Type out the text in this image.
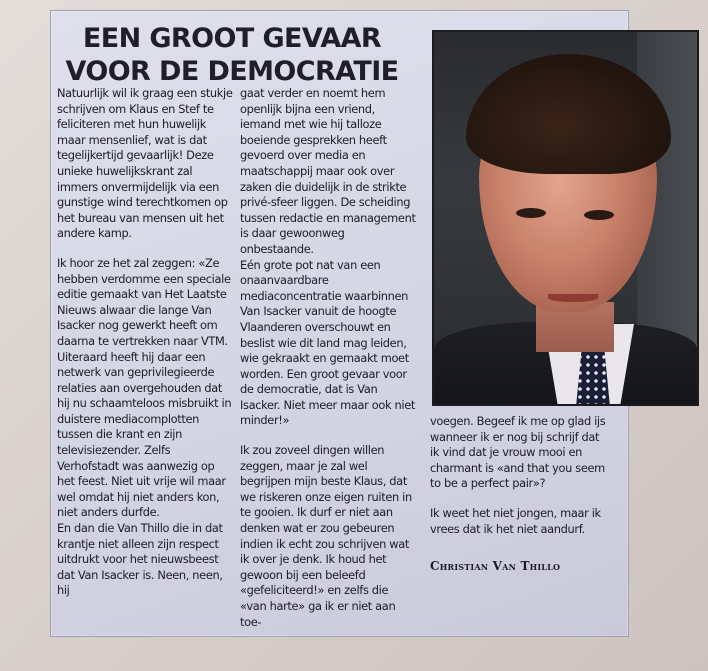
EEN GROOT GEVAAR
VOOR DE DEMOCRATIE

Natuurlijk wil ik graag een stukje schrijven om Klaus en Stef te feliciteren met hun huwelijk maar mensenlief, wat is dat tegelijkertijd gevaarlijk! Deze unieke huwelijkskrant zal immers onvermijdelijk via een gunstige wind terechtkomen op het bureau van mensen uit het andere kamp.

Ik hoor ze het zal zeggen: «Ze hebben verdomme een speciale editie gemaakt van Het Laatste Nieuws alwaar die lange Van Isacker nog gewerkt heeft om daarna te vertrekken naar VTM. Uiteraard heeft hij daar een netwerk van geprivilegieerde relaties aan overgehouden dat hij nu schaamteloos misbruikt in duistere mediacomplotten tussen die krant en zijn televisiezender. Zelfs Verhofstadt was aanwezig op het feest. Niet uit vrije wil maar wel omdat hij niet anders kon, niet anders durfde.

En dan die Van Thillo die in dat krantje niet alleen zijn respect uitdrukt voor het nieuwsbeest dat Van Isacker is. Neen, neen, hij

gaat verder en noemt hem openlijk bijna een vriend, iemand met wie hij talloze boeiende gesprekken heeft gevoerd over media en maatschappij maar ook over zaken die duidelijk in de strikte privé-sfeer liggen. De scheiding tussen redactie en management is daar gewoonweg onbestaande.

Eén grote pot nat van een onaanvaardbare mediaconcentratie waarbinnen Van Isacker vanuit de hoogte Vlaanderen overschouwt en beslist wie dit land mag leiden, wie gekraakt en gemaakt moet worden. Een groot gevaar voor de democratie, dat is Van Isacker. Niet meer maar ook niet minder!»

Ik zou zoveel dingen willen zeggen, maar je zal wel begrijpen mijn beste Klaus, dat we riskeren onze eigen ruiten in te gooien. Ik durf er niet aan denken wat er zou gebeuren indien ik echt zou schrijven wat ik over je denk. Ik houd het gewoon bij een beleefd «gefeliciteerd!» en zelfs die «van harte» ga ik er niet aan toe-

voegen. Begeef ik me op glad ijs wanneer ik er nog bij schrijf dat ik vind dat je vrouw mooi en charmant is «and that you seem to be a perfect pair»?

Ik weet het niet jongen, maar ik vrees dat ik het niet aandurf.

Christian Van Thillo
